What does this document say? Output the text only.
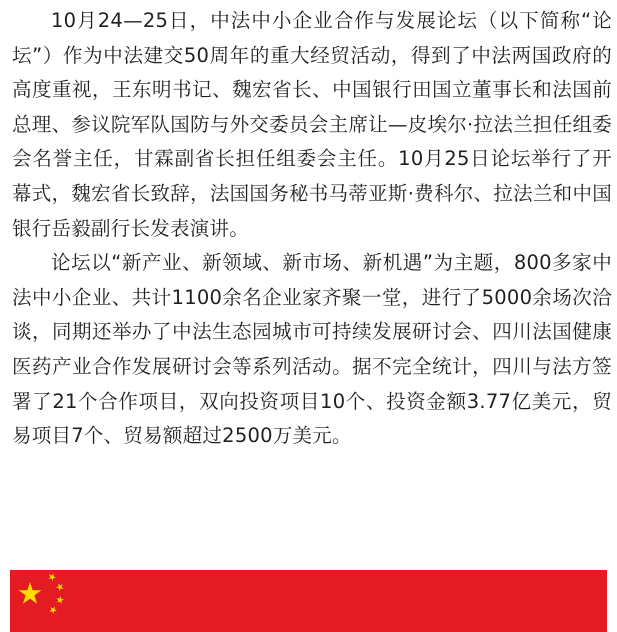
10月24—25日，中法中小企业合作与发展论坛（以下简称“论坛”）作为中法建交50周年的重大经贸活动，得到了中法两国政府的高度重视，王东明书记、魏宏省长、中国银行田国立董事长和法国前总理、参议院军队国防与外交委员会主席让—皮埃尔·拉法兰担任组委会名誉主任，甘霖副省长担任组委会主任。10月25日论坛举行了开幕式，魏宏省长致辞，法国国务秘书马蒂亚斯·费科尔、拉法兰和中国银行岳毅副行长发表演讲。

论坛以“新产业、新领域、新市场、新机遇”为主题，800多家中法中小企业、共计1100余名企业家齐聚一堂，进行了5000余场次洽谈，同期还举办了中法生态园城市可持续发展研讨会、四川法国健康医药产业合作发展研讨会等系列活动。据不完全统计，四川与法方签署了21个合作项目，双向投资项目10个、投资金额3.77亿美元，贸易项目7个、贸易额超过2500万美元。
